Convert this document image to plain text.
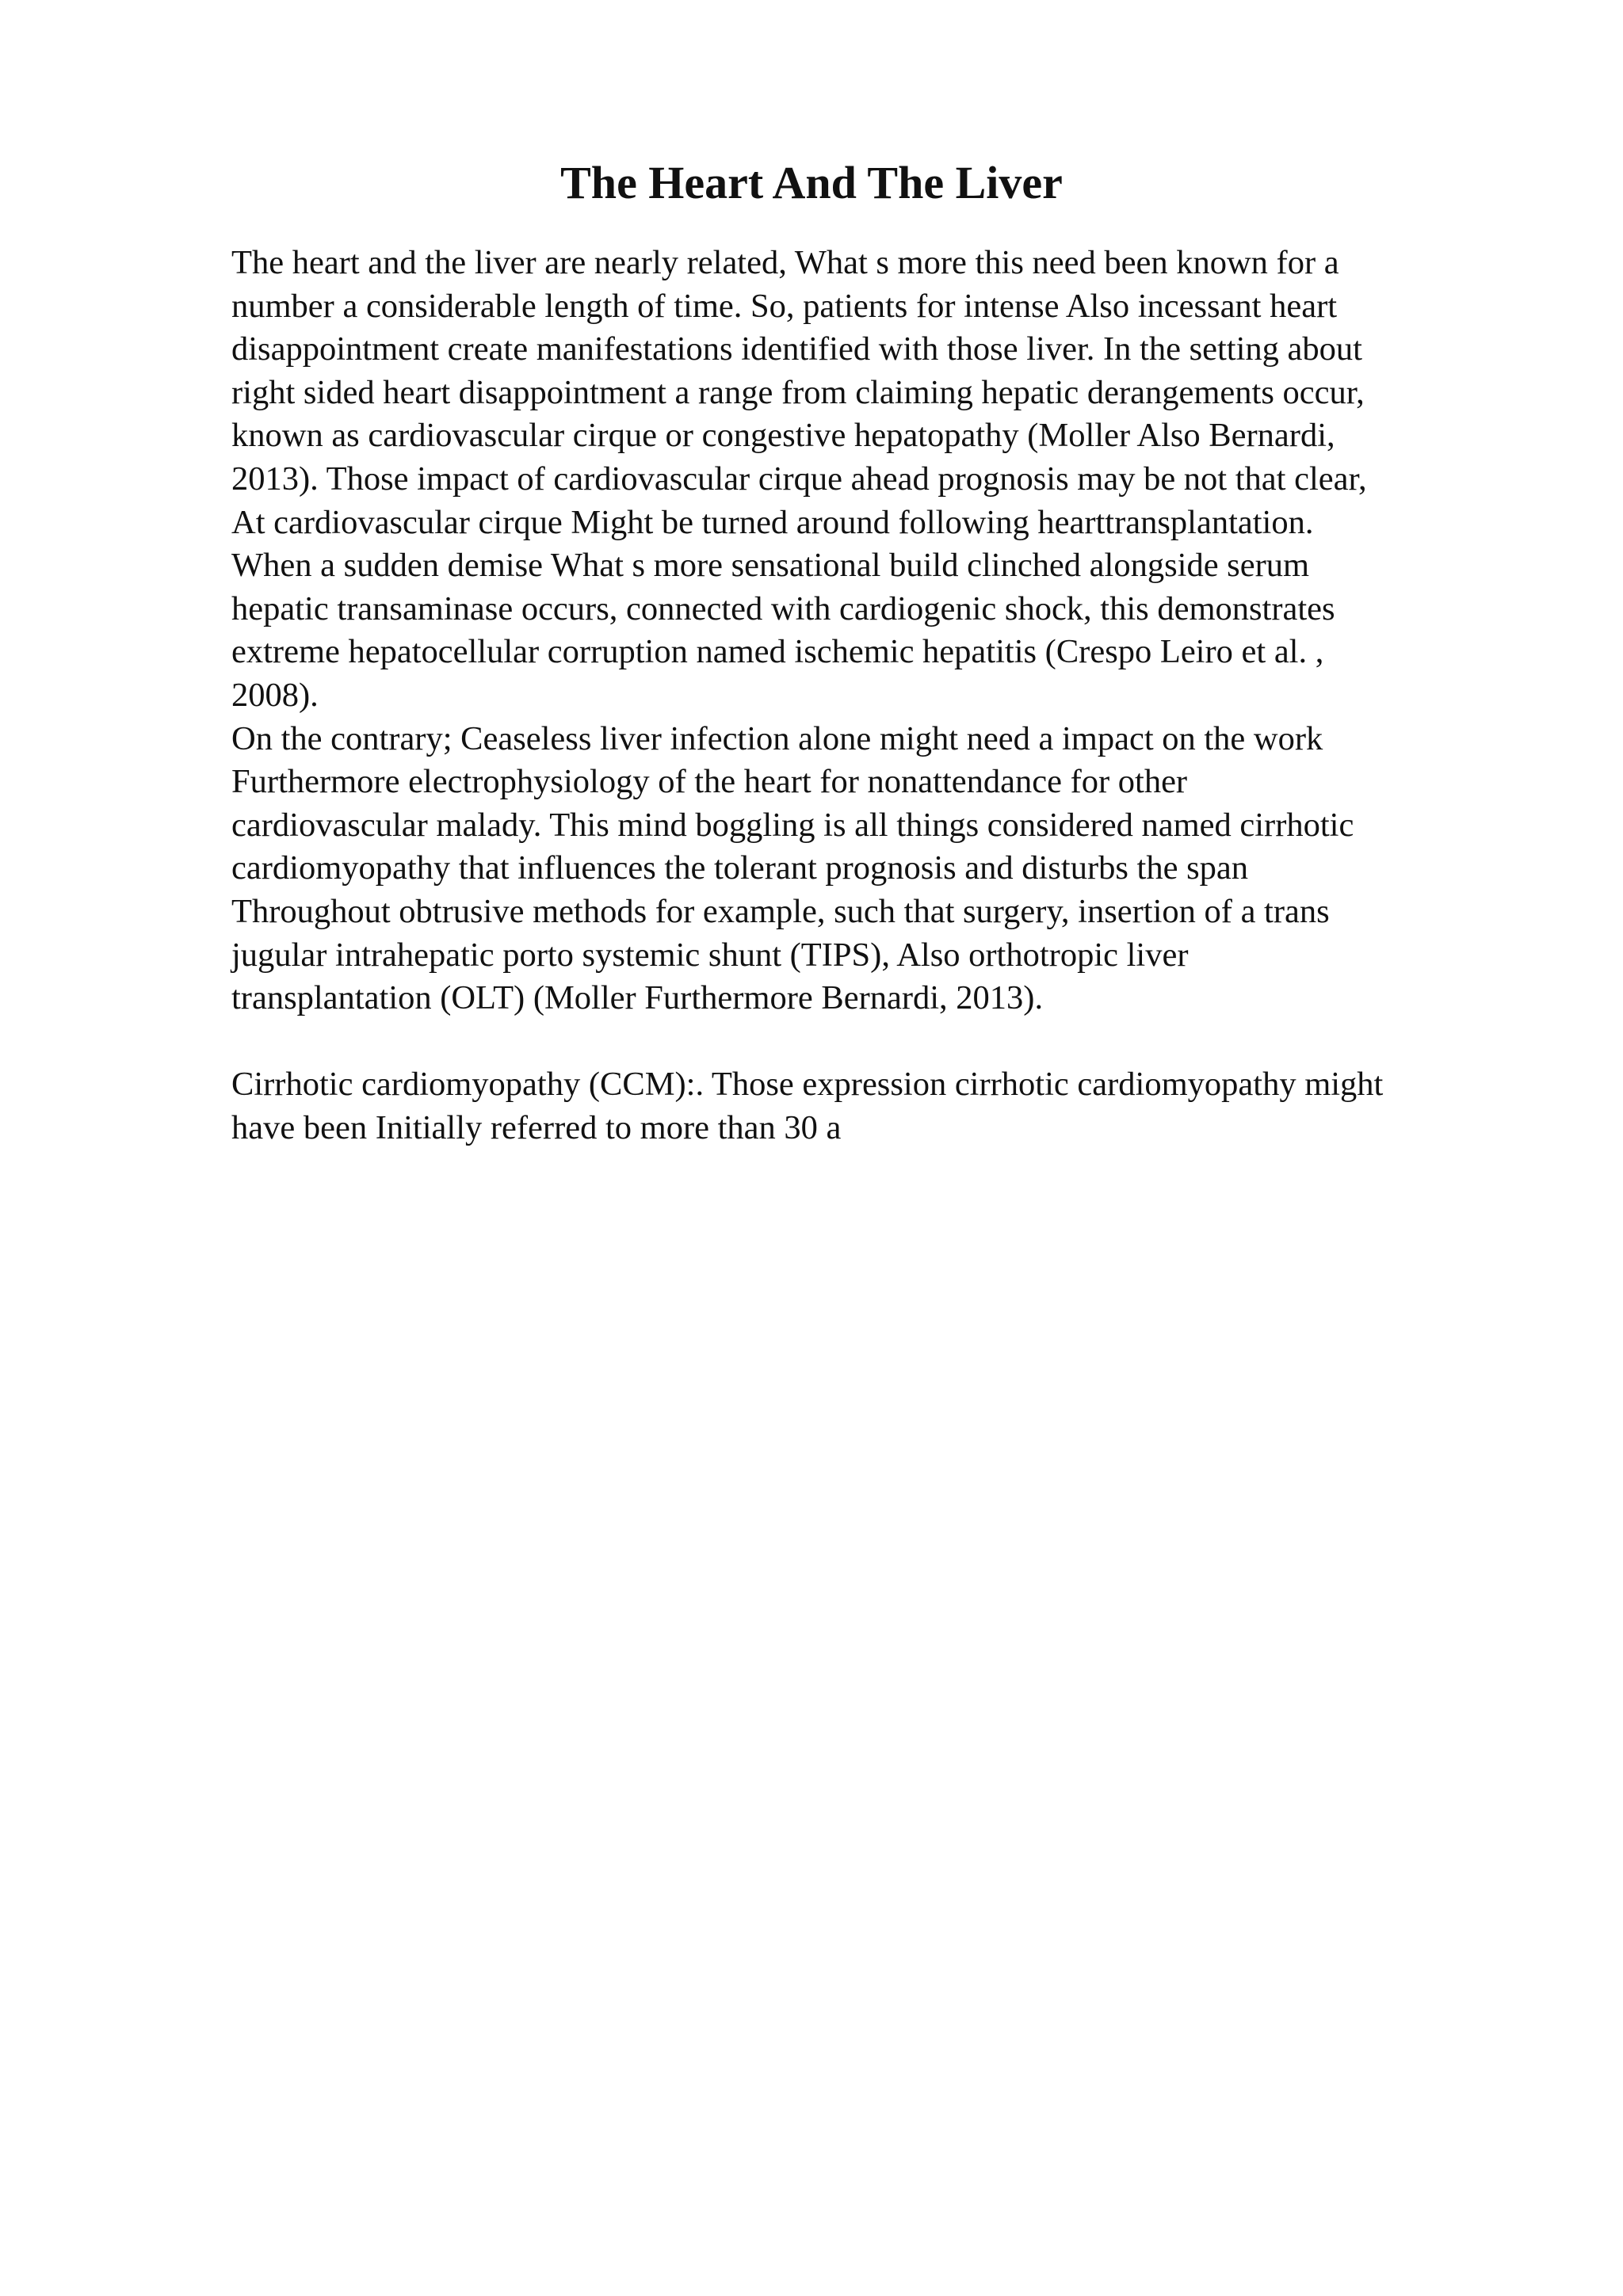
The Heart And The Liver
The heart and the liver are nearly related, What s more this need been known for a
number a considerable length of time. So, patients for intense Also incessant heart
disappointment create manifestations identified with those liver. In the setting about
right sided heart disappointment a range from claiming hepatic derangements occur,
known as cardiovascular cirque or congestive hepatopathy (Moller Also Bernardi,
2013). Those impact of cardiovascular cirque ahead prognosis may be not that clear,
At cardiovascular cirque Might be turned around following hearttransplantation.
When a sudden demise What s more sensational build clinched alongside serum
hepatic transaminase occurs, connected with cardiogenic shock, this demonstrates
extreme hepatocellular corruption named ischemic hepatitis (Crespo Leiro et al. ,
2008).
On the contrary; Ceaseless liver infection alone might need a impact on the work
Furthermore electrophysiology of the heart for nonattendance for other
cardiovascular malady. This mind boggling is all things considered named cirrhotic
cardiomyopathy that influences the tolerant prognosis and disturbs the span
Throughout obtrusive methods for example, such that surgery, insertion of a trans
jugular intrahepatic porto systemic shunt (TIPS), Also orthotropic liver
transplantation (OLT) (Moller Furthermore Bernardi, 2013).
Cirrhotic cardiomyopathy (CCM):. Those expression cirrhotic cardiomyopathy might
have been Initially referred to more than 30 a
